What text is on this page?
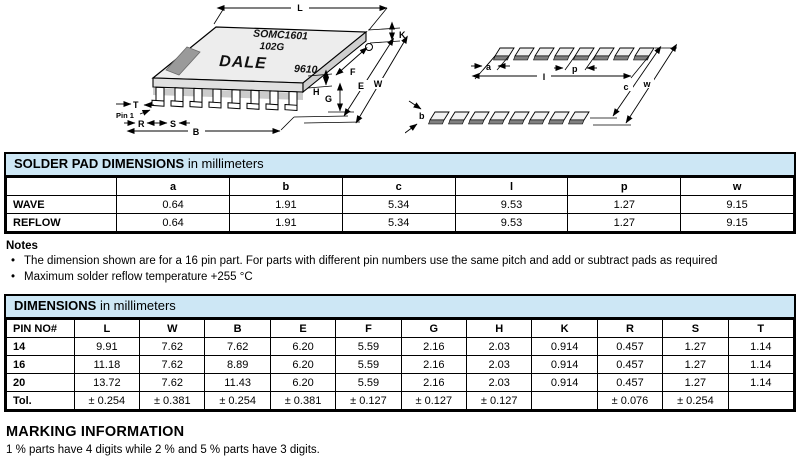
SOMC1601
102G
DALE	9610
L
K
F
H
G
E W
T
Pin 1
R	S
B
a	p
l
c w
b
SOLDER PAD DIMENSIONS in millimeters
	a	b	c	l	p	w
WAVE	0.64	1.91	5.34	9.53	1.27	9.15
REFLOW	0.64	1.91	5.34	9.53	1.27	9.15
Notes
• The dimension shown are for a 16 pin part. For parts with different pin numbers use the same pitch and add or subtract pads as required
• Maximum solder reflow temperature +255 °C
DIMENSIONS in millimeters
PIN NO#	L	W	B	E	F	G	H	K	R	S	T
14	9.91	7.62	7.62	6.20	5.59	2.16	2.03	0.914	0.457	1.27	1.14
16	11.18	7.62	8.89	6.20	5.59	2.16	2.03	0.914	0.457	1.27	1.14
20	13.72	7.62	11.43	6.20	5.59	2.16	2.03	0.914	0.457	1.27	1.14
Tol.	± 0.254	± 0.381	± 0.254	± 0.381	± 0.127	± 0.127	± 0.127		± 0.076	± 0.254	
MARKING INFORMATION
1 % parts have 4 digits while 2 % and 5 % parts have 3 digits.
